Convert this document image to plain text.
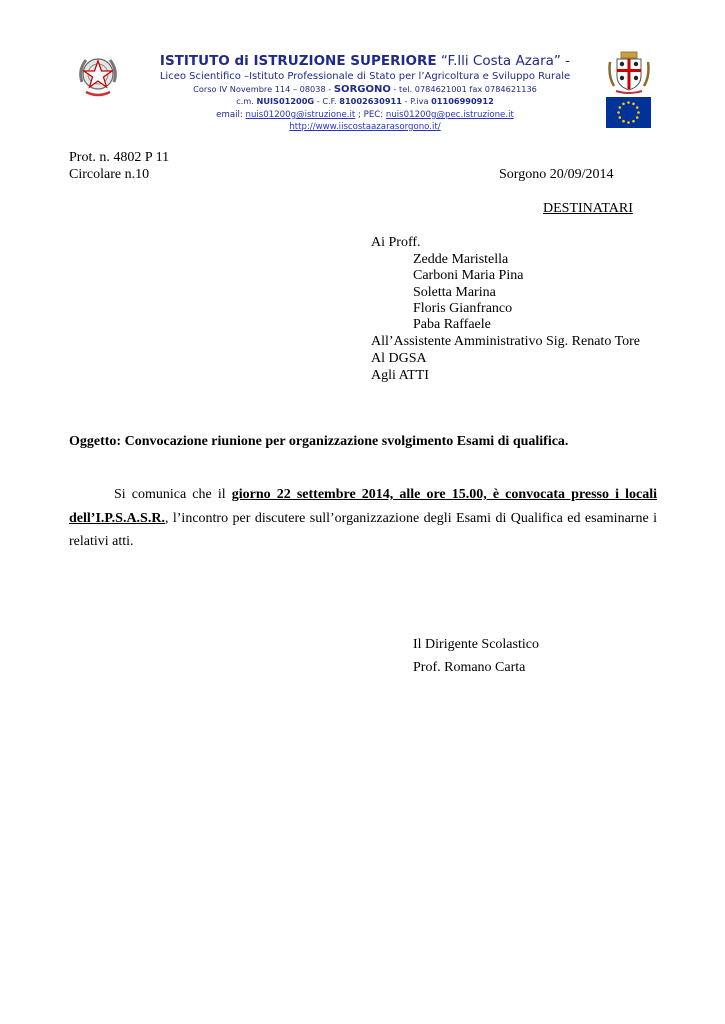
ISTITUTO di ISTRUZIONE SUPERIORE “F.lli Costa Azara” -
Liceo Scientifico –Istituto Professionale di Stato per l’Agricoltura e Sviluppo Rurale
Corso IV Novembre 114 – 08038 - SORGONO - tel. 0784621001 fax 0784621136
c.m. NUIS01200G - C.F. 81002630911 - P.iva 01106990912
email: nuis01200g@istruzione.it ; PEC: nuis01200g@pec.istruzione.it
http://www.iiscostaazarasorgono.it/
Prot. n. 4802 P 11
Circolare n.10	Sorgono 20/09/2014
DESTINATARI
Ai Proff.
Zedde Maristella
Carboni Maria Pina
Soletta Marina
Floris Gianfranco
Paba Raffaele
All’Assistente Amministrativo Sig. Renato Tore
Al DGSA
Agli ATTI
Oggetto: Convocazione riunione per organizzazione svolgimento Esami di qualifica.
Si comunica che il giorno 22 settembre 2014, alle ore 15.00, è convocata presso i locali dell’I.P.S.A.S.R., l’incontro per discutere sull’organizzazione degli Esami di Qualifica ed esaminarne i relativi atti.
Il Dirigente Scolastico
Prof. Romano Carta
